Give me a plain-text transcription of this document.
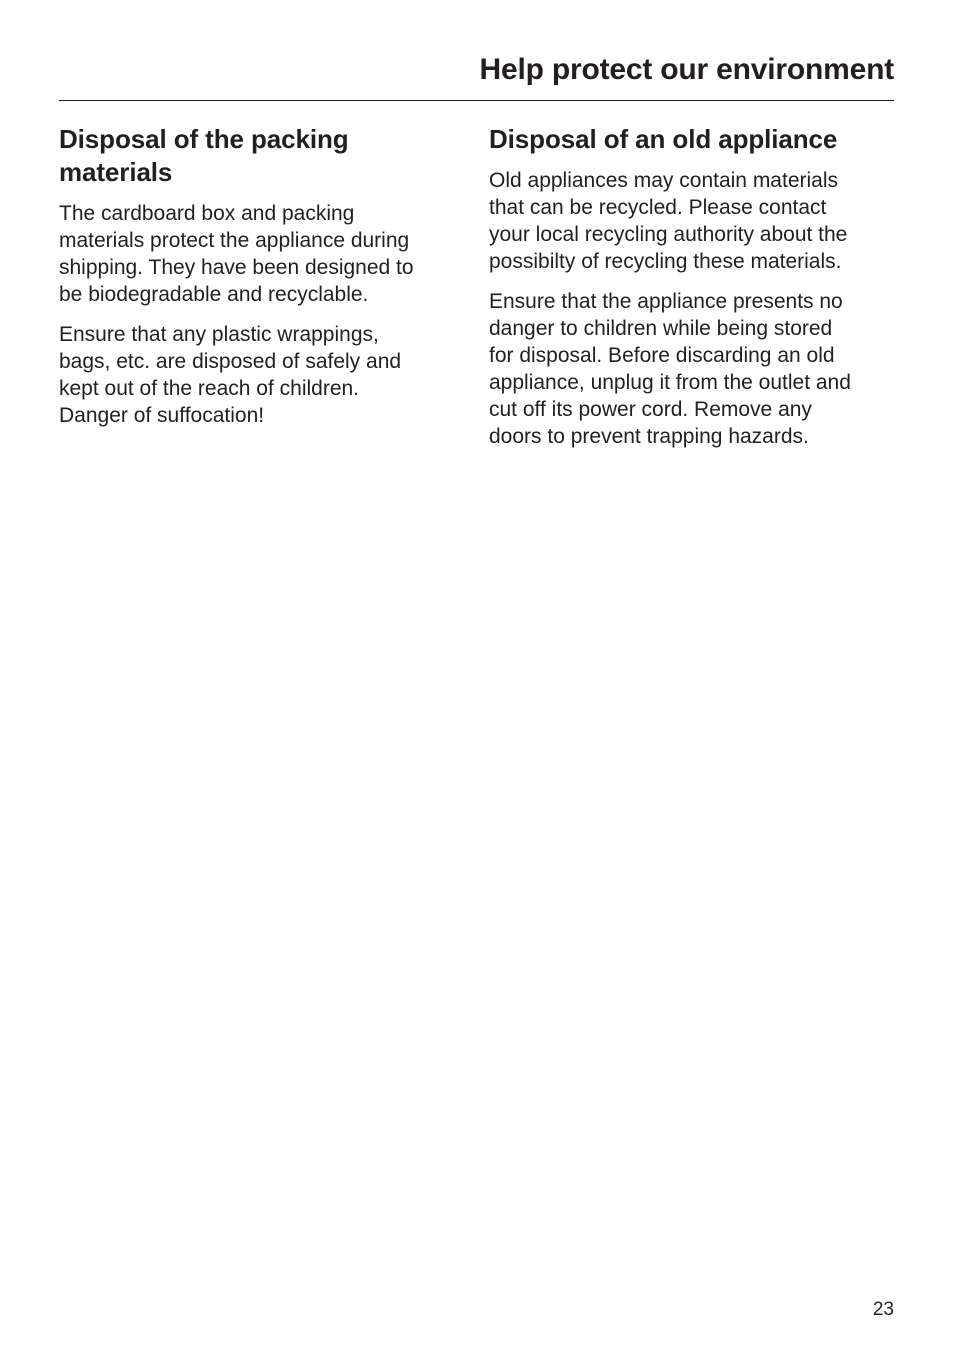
Help protect our environment
Disposal of the packing
materials

The cardboard box and packing
materials protect the appliance during
shipping. They have been designed to
be biodegradable and recyclable.

Ensure that any plastic wrappings,
bags, etc. are disposed of safely and
kept out of the reach of children.
Danger of suffocation!

Disposal of an old appliance

Old appliances may contain materials
that can be recycled. Please contact
your local recycling authority about the
possibilty of recycling these materials.

Ensure that the appliance presents no
danger to children while being stored
for disposal. Before discarding an old
appliance, unplug it from the outlet and
cut off its power cord. Remove any
doors to prevent trapping hazards.

23
